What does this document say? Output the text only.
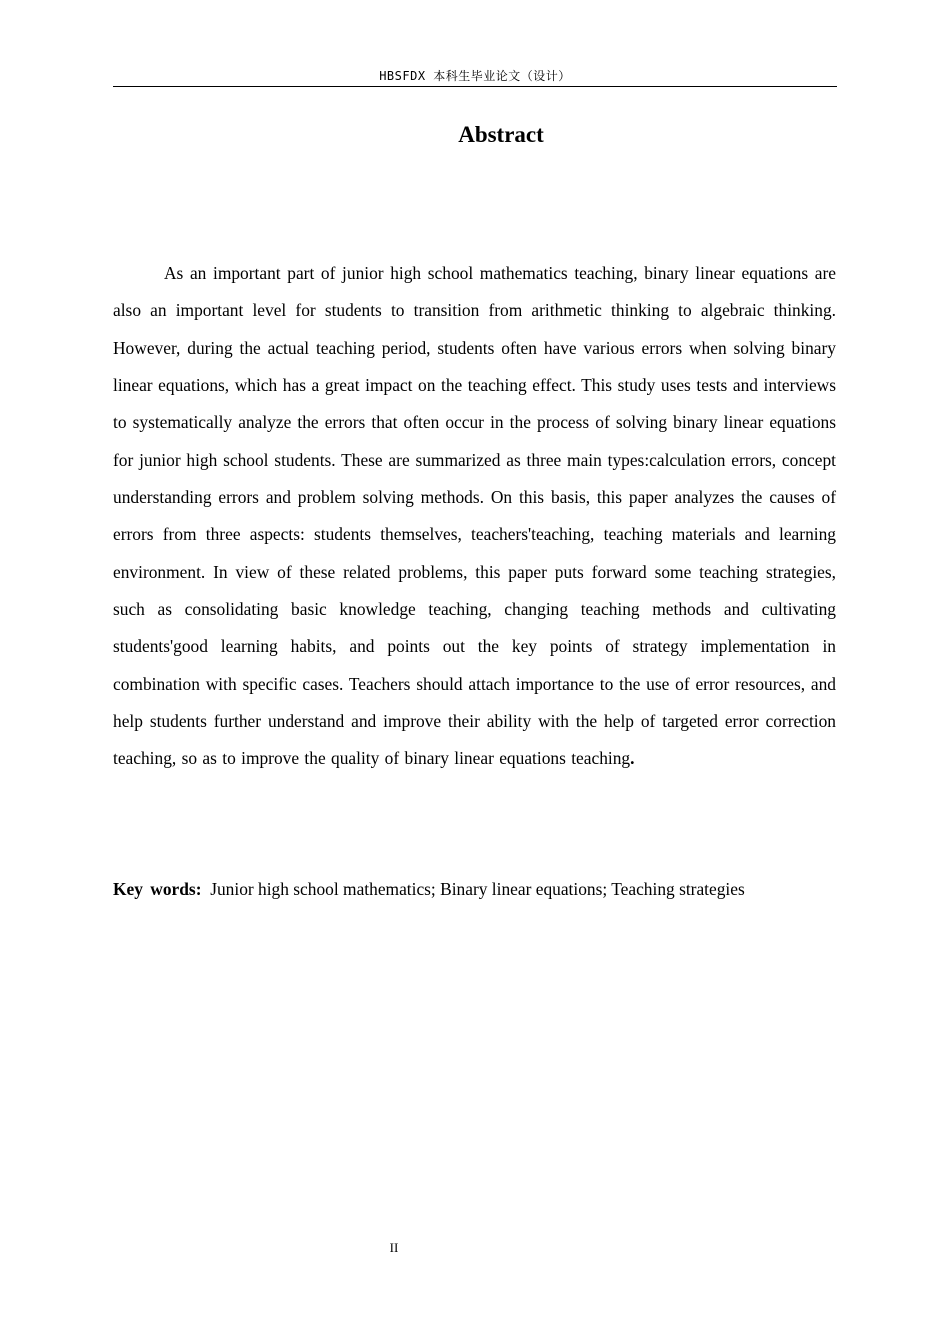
HBSFDX 本科生毕业论文（设计）
Abstract

As an important part of junior high school mathematics teaching, binary linear equations are also an important level for students to transition from arithmetic thinking to algebraic thinking. However, during the actual teaching period, students often have various errors when solving binary linear equations, which has a great impact on the teaching effect. This study uses tests and interviews to systematically analyze the errors that often occur in the process of solving binary linear equations for junior high school students. These are summarized as three main types:calculation errors, concept understanding errors and problem solving methods. On this basis, this paper analyzes the causes of errors from three aspects: students themselves, teachers'teaching, teaching materials and learning environment. In view of these related problems, this paper puts forward some teaching strategies, such as consolidating basic knowledge teaching, changing teaching methods and cultivating students'good learning habits, and points out the key points of strategy implementation in combination with specific cases. Teachers should attach importance to the use of error resources, and help students further understand and improve their ability with the help of targeted error correction teaching, so as to improve the quality of binary linear equations teaching.

Key words: Junior high school mathematics; Binary linear equations; Teaching strategies

II
